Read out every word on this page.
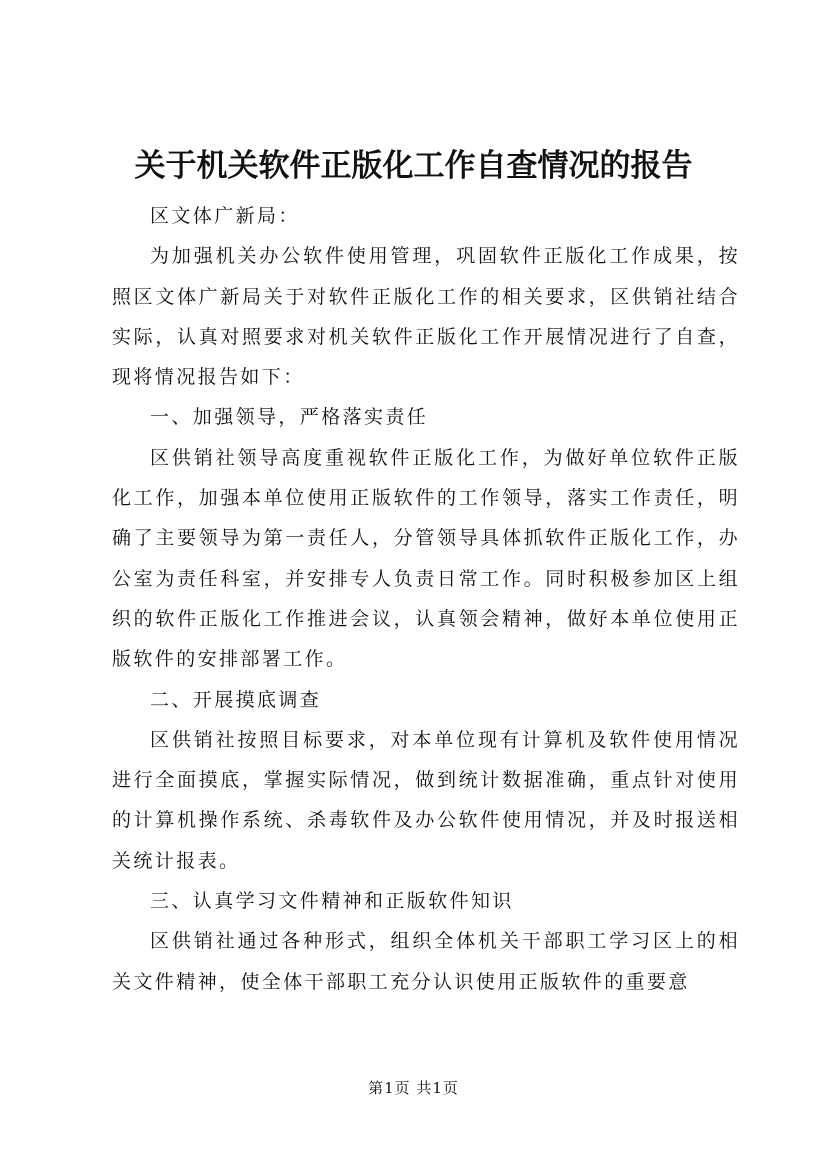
关于机关软件正版化工作自查情况的报告

区文体广新局：

为加强机关办公软件使用管理，巩固软件正版化工作成果，按照区文体广新局关于对软件正版化工作的相关要求，区供销社结合实际，认真对照要求对机关软件正版化工作开展情况进行了自查，现将情况报告如下：

一、加强领导，严格落实责任

区供销社领导高度重视软件正版化工作，为做好单位软件正版化工作，加强本单位使用正版软件的工作领导，落实工作责任，明确了主要领导为第一责任人，分管领导具体抓软件正版化工作，办公室为责任科室，并安排专人负责日常工作。同时积极参加区上组织的软件正版化工作推进会议，认真领会精神，做好本单位使用正版软件的安排部署工作。

二、开展摸底调查

区供销社按照目标要求，对本单位现有计算机及软件使用情况进行全面摸底，掌握实际情况，做到统计数据准确，重点针对使用的计算机操作系统、杀毒软件及办公软件使用情况，并及时报送相关统计报表。

三、认真学习文件精神和正版软件知识

区供销社通过各种形式，组织全体机关干部职工学习区上的相关文件精神，使全体干部职工充分认识使用正版软件的重要意

第1页 共1页
